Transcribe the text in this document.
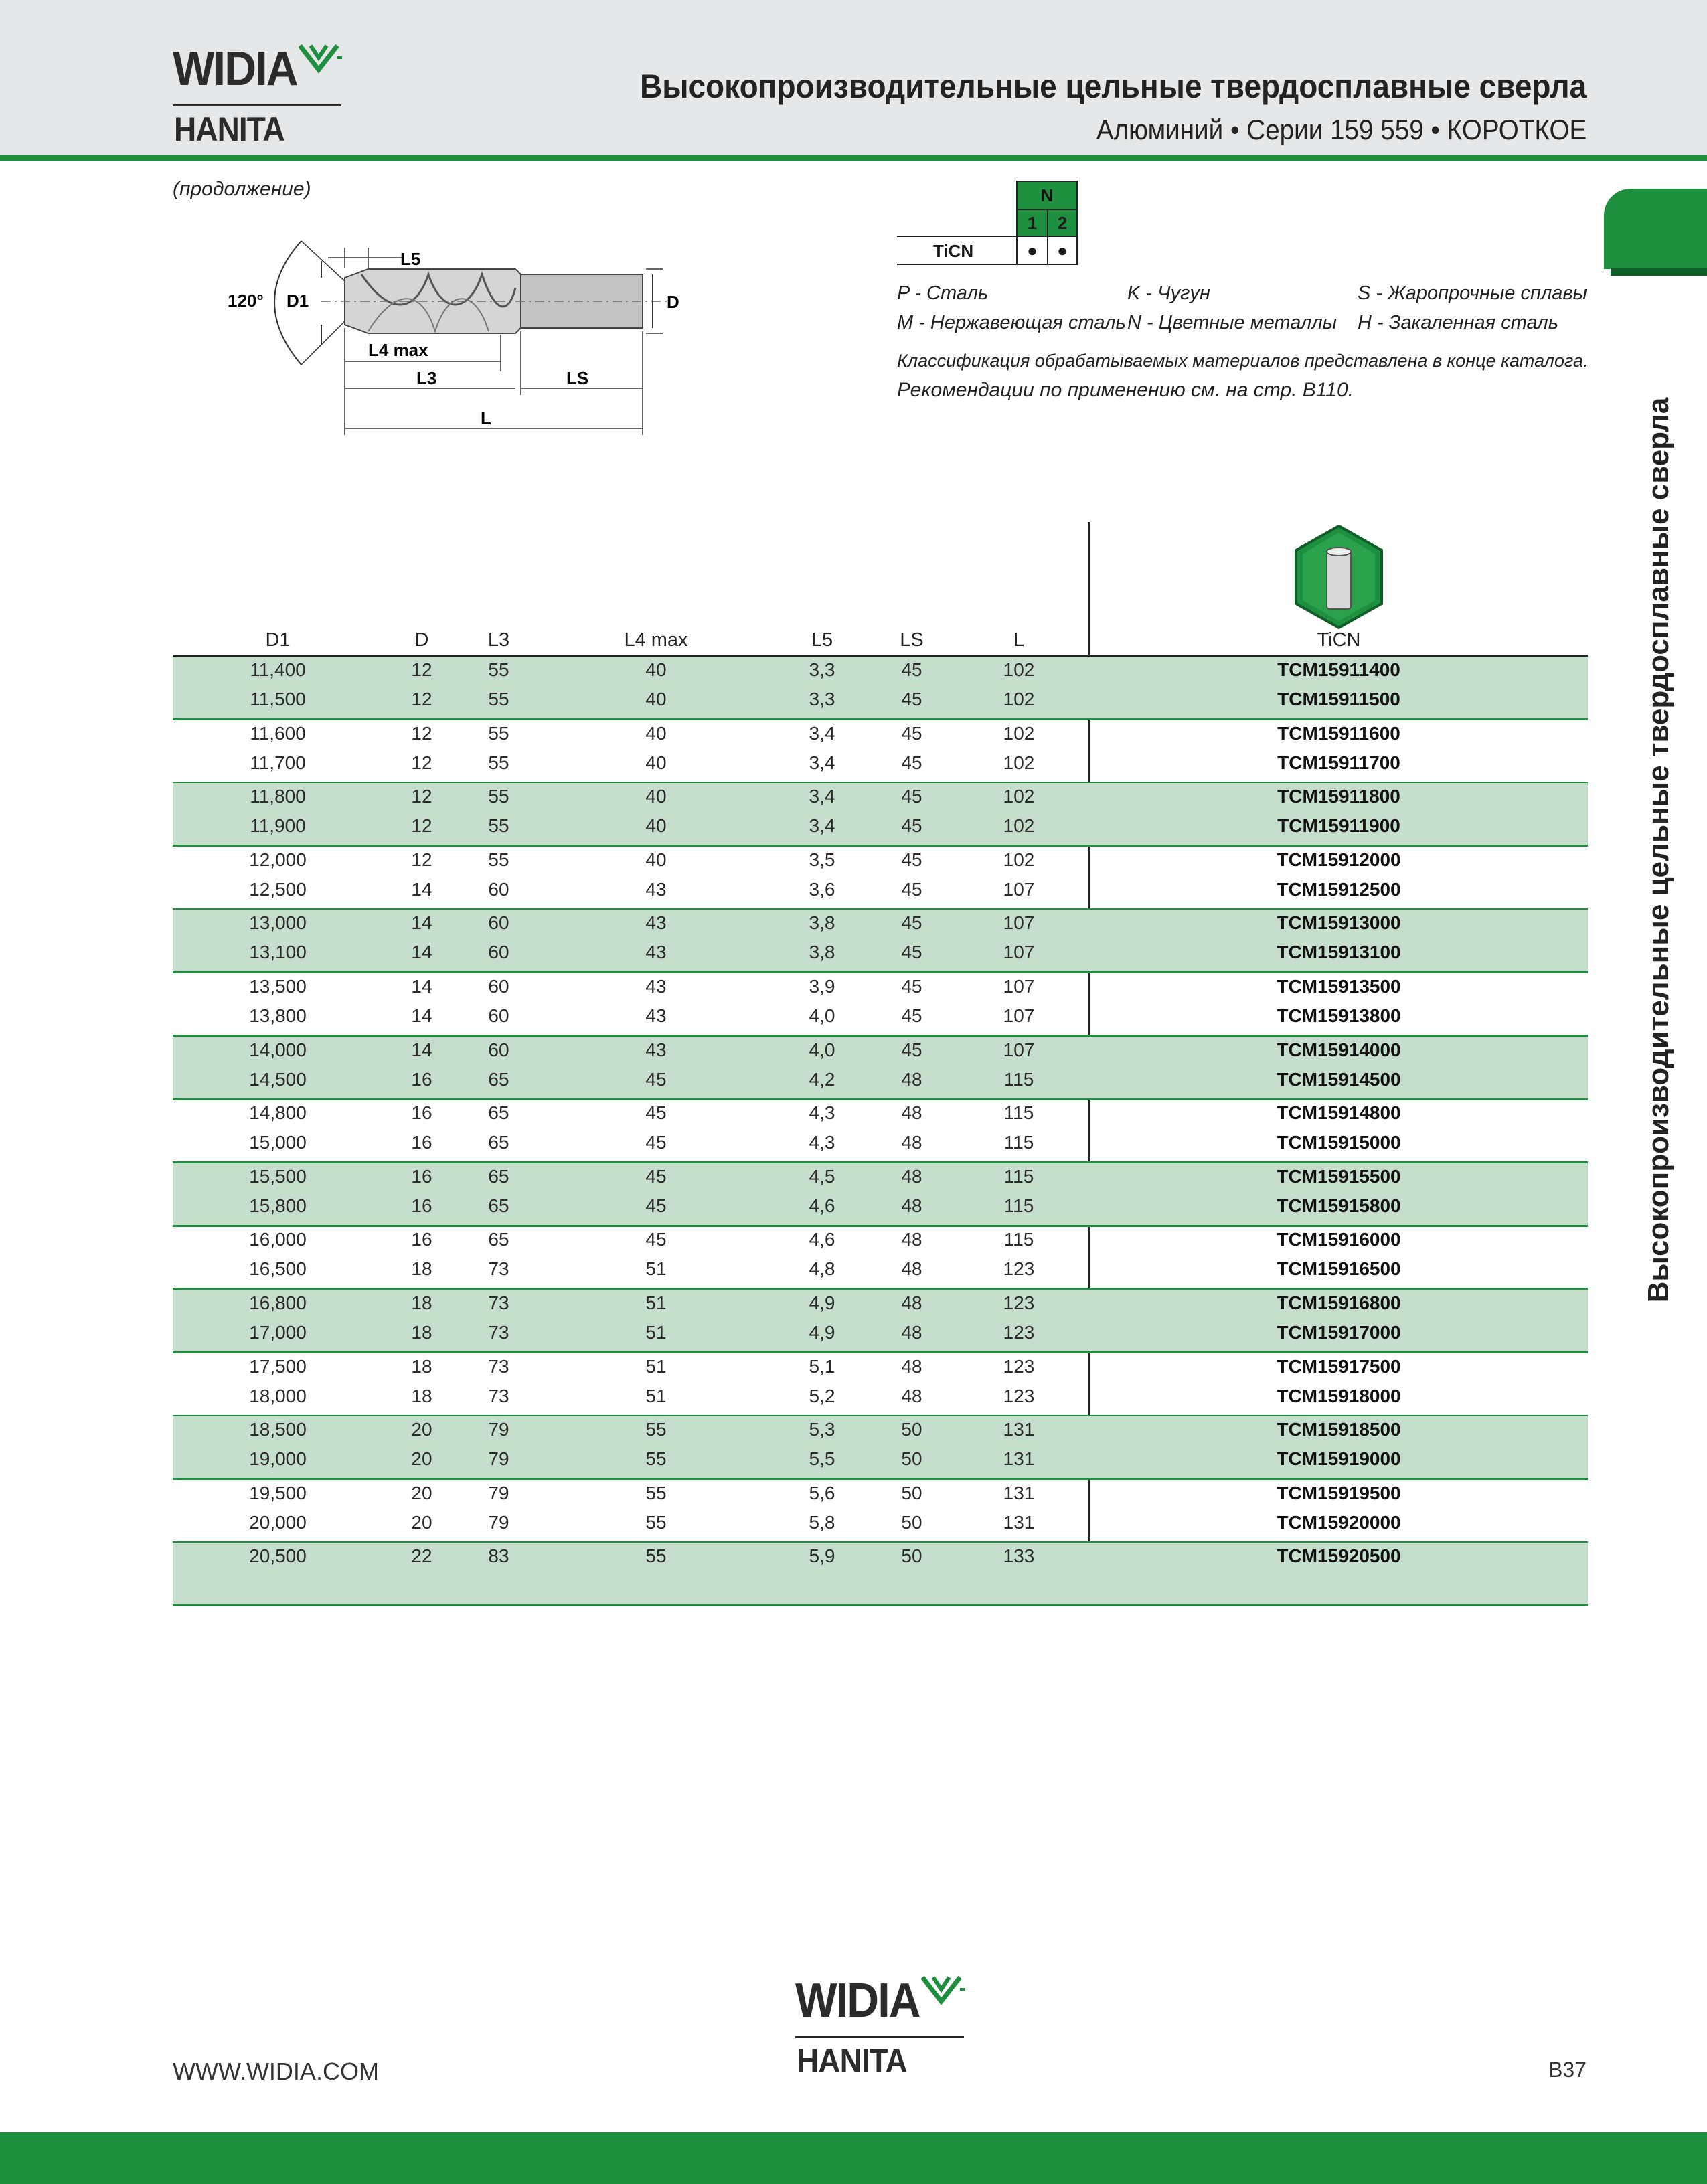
WIDIA
HANITA
Высокопроизводительные цельные твердосплавные сверла
Алюминий • Серии 159 559 • КОРОТКОЕ
Высокопроизводительные цельные твердосплавные сверла
(продолжение)
120° D1
L5
D
L4 max
L3	LS
L
N
1	2
●	●
TiCN
P - Сталь	K - Чугун	S - Жаропрочные сплавы
M - Нержавеющая сталь N - Цветные металлы H - Закаленная сталь
Классификация обрабатываемых материалов представлена в конце каталога.
Рекомендации по применению см. на стр. B110.
D1	D	L3	L4 max	L5	LS	L	TiCN
11,400	12	55	40	3,3	45	102	TCM15911400
11,500	12	55	40	3,3	45	102	TCM15911500
11,600	12	55	40	3,4	45	102	TCM15911600
11,700	12	55	40	3,4	45	102	TCM15911700
11,800	12	55	40	3,4	45	102	TCM15911800
11,900	12	55	40	3,4	45	102	TCM15911900
12,000	12	55	40	3,5	45	102	TCM15912000
12,500	14	60	43	3,6	45	107	TCM15912500
13,000	14	60	43	3,8	45	107	TCM15913000
13,100	14	60	43	3,8	45	107	TCM15913100
13,500	14	60	43	3,9	45	107	TCM15913500
13,800	14	60	43	4,0	45	107	TCM15913800
14,000	14	60	43	4,0	45	107	TCM15914000
14,500	16	65	45	4,2	48	115	TCM15914500
14,800	16	65	45	4,3	48	115	TCM15914800
15,000	16	65	45	4,3	48	115	TCM15915000
15,500	16	65	45	4,5	48	115	TCM15915500
15,800	16	65	45	4,6	48	115	TCM15915800
16,000	16	65	45	4,6	48	115	TCM15916000
16,500	18	73	51	4,8	48	123	TCM15916500
16,800	18	73	51	4,9	48	123	TCM15916800
17,000	18	73	51	4,9	48	123	TCM15917000
17,500	18	73	51	5,1	48	123	TCM15917500
18,000	18	73	51	5,2	48	123	TCM15918000
18,500	20	79	55	5,3	50	131	TCM15918500
19,000	20	79	55	5,5	50	131	TCM15919000
19,500	20	79	55	5,6	50	131	TCM15919500
20,000	20	79	55	5,8	50	131	TCM15920000
20,500	22	83	55	5,9	50	133	TCM15920500
WIDIA
HANITA
WWW.WIDIA.COM	B37
